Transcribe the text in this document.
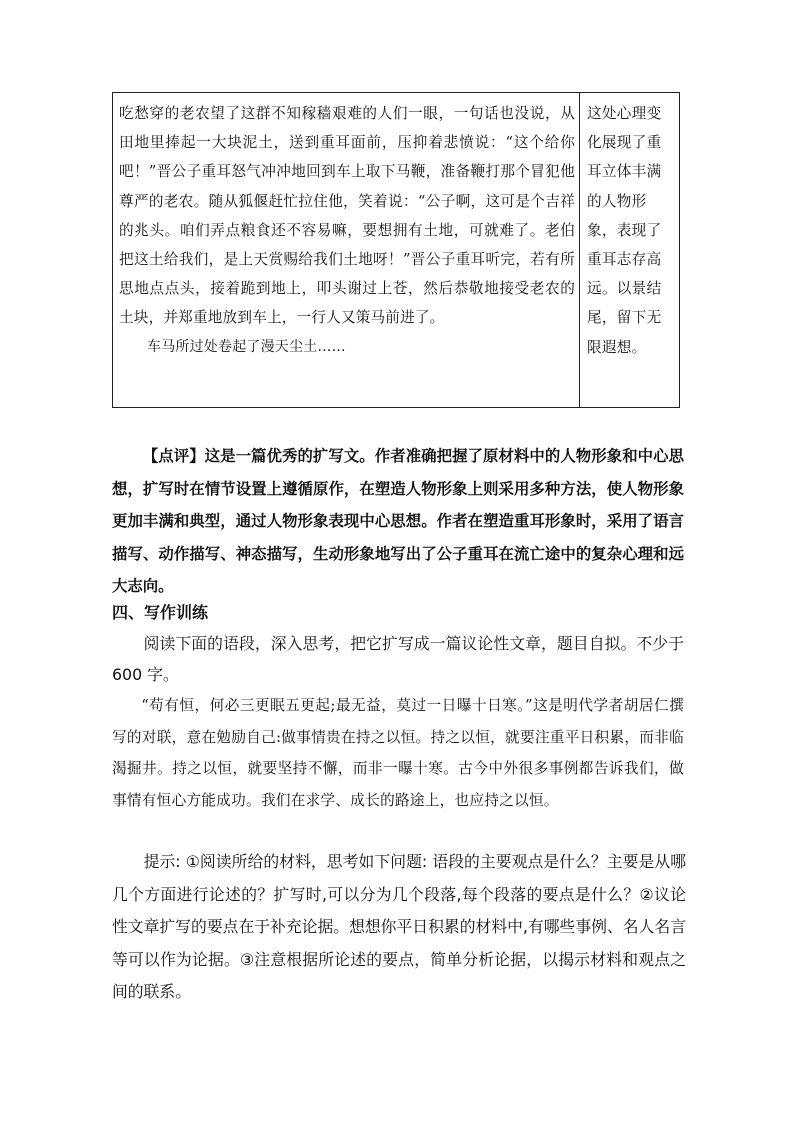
吃愁穿的老农望了这群不知稼穑艰难的人们一眼，一句话也没说，从田地里捧起一大块泥土，送到重耳面前，压抑着悲愤说：“这个给你吧！”晋公子重耳怒气冲冲地回到车上取下马鞭，准备鞭打那个冒犯他尊严的老农。随从狐偃赶忙拉住他，笑着说：“公子啊，这可是个吉祥的兆头。咱们弄点粮食还不容易嘛，要想拥有土地，可就难了。老伯把这土给我们，是上天赏赐给我们土地呀！”晋公子重耳听完，若有所思地点点头，接着跪到地上，叩头谢过上苍，然后恭敬地接受老农的土块，并郑重地放到车上，一行人又策马前进了。

车马所过处卷起了漫天尘土……

这处心理变化展现了重耳立体丰满的人物形象，表现了重耳志存高远。以景结尾，留下无限遐想。

【点评】这是一篇优秀的扩写文。作者准确把握了原材料中的人物形象和中心思想，扩写时在情节设置上遵循原作，在塑造人物形象上则采用多种方法，使人物形象更加丰满和典型，通过人物形象表现中心思想。作者在塑造重耳形象时，采用了语言描写、动作描写、神态描写，生动形象地写出了公子重耳在流亡途中的复杂心理和远大志向。

四、写作训练

阅读下面的语段，深入思考，把它扩写成一篇议论性文章，题目自拟。不少于 600 字。

“苟有恒，何必三更眠五更起;最无益，莫过一日曝十日寒。”这是明代学者胡居仁撰写的对联，意在勉励自己:做事情贵在持之以恒。持之以恒，就要注重平日积累，而非临渴掘井。持之以恒，就要坚持不懈，而非一曝十寒。古今中外很多事例都告诉我们，做事情有恒心方能成功。我们在求学、成长的路途上，也应持之以恒。

提示: ①阅读所给的材料，思考如下问题: 语段的主要观点是什么？主要是从哪几个方面进行论述的？扩写时,可以分为几个段落,每个段落的要点是什么？②议论性文章扩写的要点在于补充论据。想想你平日积累的材料中,有哪些事例、名人名言等可以作为论据。③注意根据所论述的要点，简单分析论据，以揭示材料和观点之间的联系。
